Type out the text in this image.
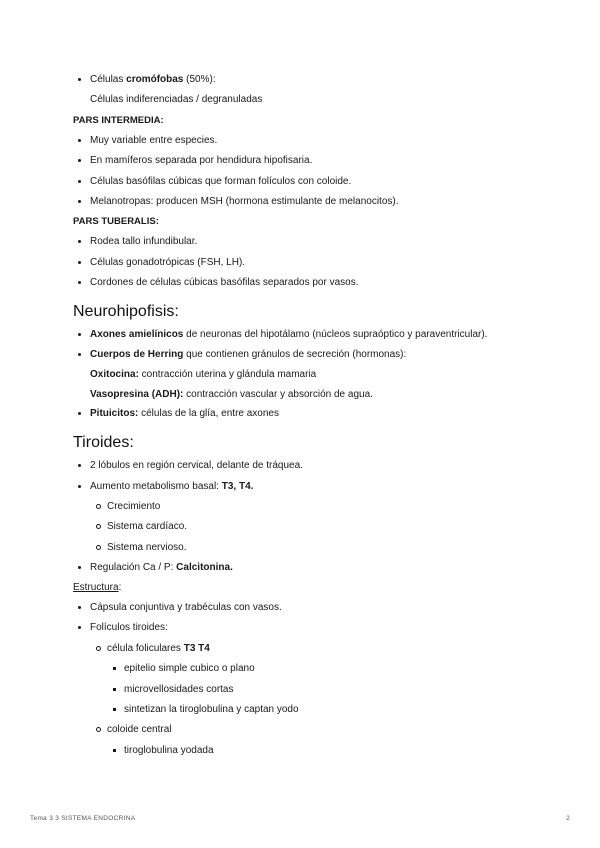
Células cromófobas (50%):
Células indiferenciadas / degranuladas
PARS INTERMEDIA:
Muy variable entre especies.
En mamíferos separada por hendidura hipofisaria.
Células basófilas cúbicas que forman folículos con coloide.
Melanotropas: producen MSH (hormona estimulante de melanocitos).
PARS TUBERALIS:
Rodea tallo infundibular.
Células gonadotrópicas (FSH, LH).
Cordones de células cúbicas basófilas separados por vasos.
Neurohipofisis:
Axones amielínicos de neuronas del hipotálamo (núcleos supraóptico y paraventricular).
Cuerpos de Herring que contienen gránulos de secreción (hormonas):
Oxitocina: contracción uterina y glándula mamaria
Vasopresina (ADH): contracción vascular y absorción de agua.
Pituicitos: células de la glía, entre axones
Tiroides:
2 lóbulos en región cervical, delante de tráquea.
Aumento metabolismo basal: T3, T4.
Crecimiento
Sistema cardíaco.
Sistema nervioso.
Regulación Ca / P: Calcitonina.
Estructura:
Cápsula conjuntiva y trabéculas con vasos.
Folículos tiroides:
célula foliculares T3 T4
epitelio simple cubico o plano
microvellosidades cortas
sintetizan la tiroglobulina y captan yodo
coloide central
tiroglobulina yodada
Tema 3 3 SISTEMA ENDOCRINA	2
